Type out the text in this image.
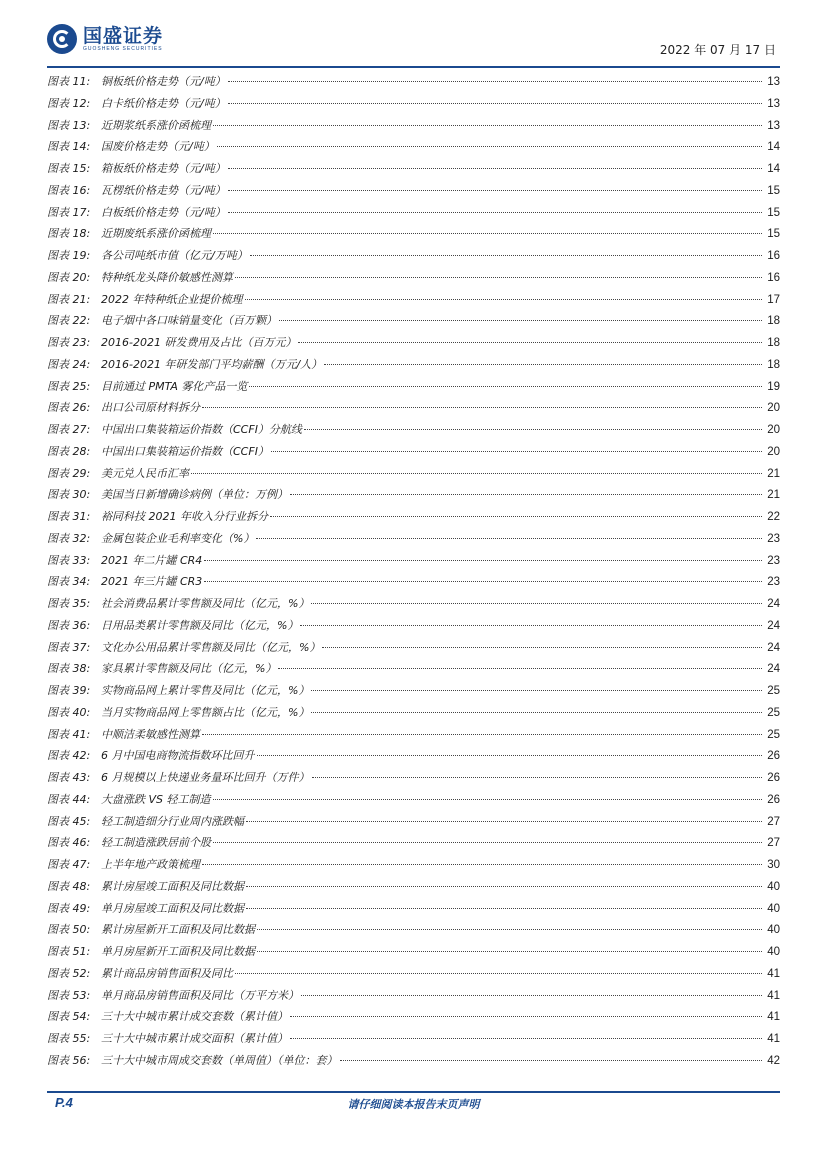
国盛证券
GUOSHENG SECURITIES	2022 年 07 月 17 日
图表 11: 铜板纸价格走势（元/吨）	13
图表 12: 白卡纸价格走势（元/吨）	13
图表 13: 近期浆纸系涨价函梳理	13
图表 14: 国废价格走势（元/吨）	14
图表 15: 箱板纸价格走势（元/吨）	14
图表 16: 瓦楞纸价格走势（元/吨）	15
图表 17: 白板纸价格走势（元/吨）	15
图表 18: 近期废纸系涨价函梳理	15
图表 19: 各公司吨纸市值（亿元/万吨）	16
图表 20: 特种纸龙头降价敏感性测算	16
图表 21: 2022 年特种纸企业提价梳理	17
图表 22: 电子烟中各口味销量变化（百万颗）	18
图表 23: 2016-2021 研发费用及占比（百万元）	18
图表 24: 2016-2021 年研发部门平均薪酬（万元/人）	18
图表 25: 目前通过 PMTA 雾化产品一览	19
图表 26: 出口公司原材料拆分	20
图表 27: 中国出口集装箱运价指数（CCFI）分航线	20
图表 28: 中国出口集装箱运价指数（CCFI）	20
图表 29: 美元兑人民币汇率	21
图表 30: 美国当日新增确诊病例（单位：万例）	21
图表 31: 裕同科技 2021 年收入分行业拆分	22
图表 32: 金属包装企业毛利率变化（%）	23
图表 33: 2021 年二片罐 CR4	23
图表 34: 2021 年三片罐 CR3	23
图表 35: 社会消费品累计零售额及同比（亿元，%）	24
图表 36: 日用品类累计零售额及同比（亿元，%）	24
图表 37: 文化办公用品累计零售额及同比（亿元，%）	24
图表 38: 家具累计零售额及同比（亿元，%）	24
图表 39: 实物商品网上累计零售及同比（亿元，%）	25
图表 40: 当月实物商品网上零售额占比（亿元，%）	25
图表 41: 中顺洁柔敏感性测算	25
图表 42: 6 月中国电商物流指数环比回升	26
图表 43: 6 月规模以上快递业务量环比回升（万件）	26
图表 44: 大盘涨跌 VS 轻工制造	26
图表 45: 轻工制造细分行业周内涨跌幅	27
图表 46: 轻工制造涨跌居前个股	27
图表 47: 上半年地产政策梳理	30
图表 48: 累计房屋竣工面积及同比数据	40
图表 49: 单月房屋竣工面积及同比数据	40
图表 50: 累计房屋新开工面积及同比数据	40
图表 51: 单月房屋新开工面积及同比数据	40
图表 52: 累计商品房销售面积及同比	41
图表 53: 单月商品房销售面积及同比（万平方米）	41
图表 54: 三十大中城市累计成交套数（累计值）	41
图表 55: 三十大中城市累计成交面积（累计值）	41
图表 56: 三十大中城市周成交套数（单周值）（单位：套）	42
P.4	请仔细阅读本报告末页声明
